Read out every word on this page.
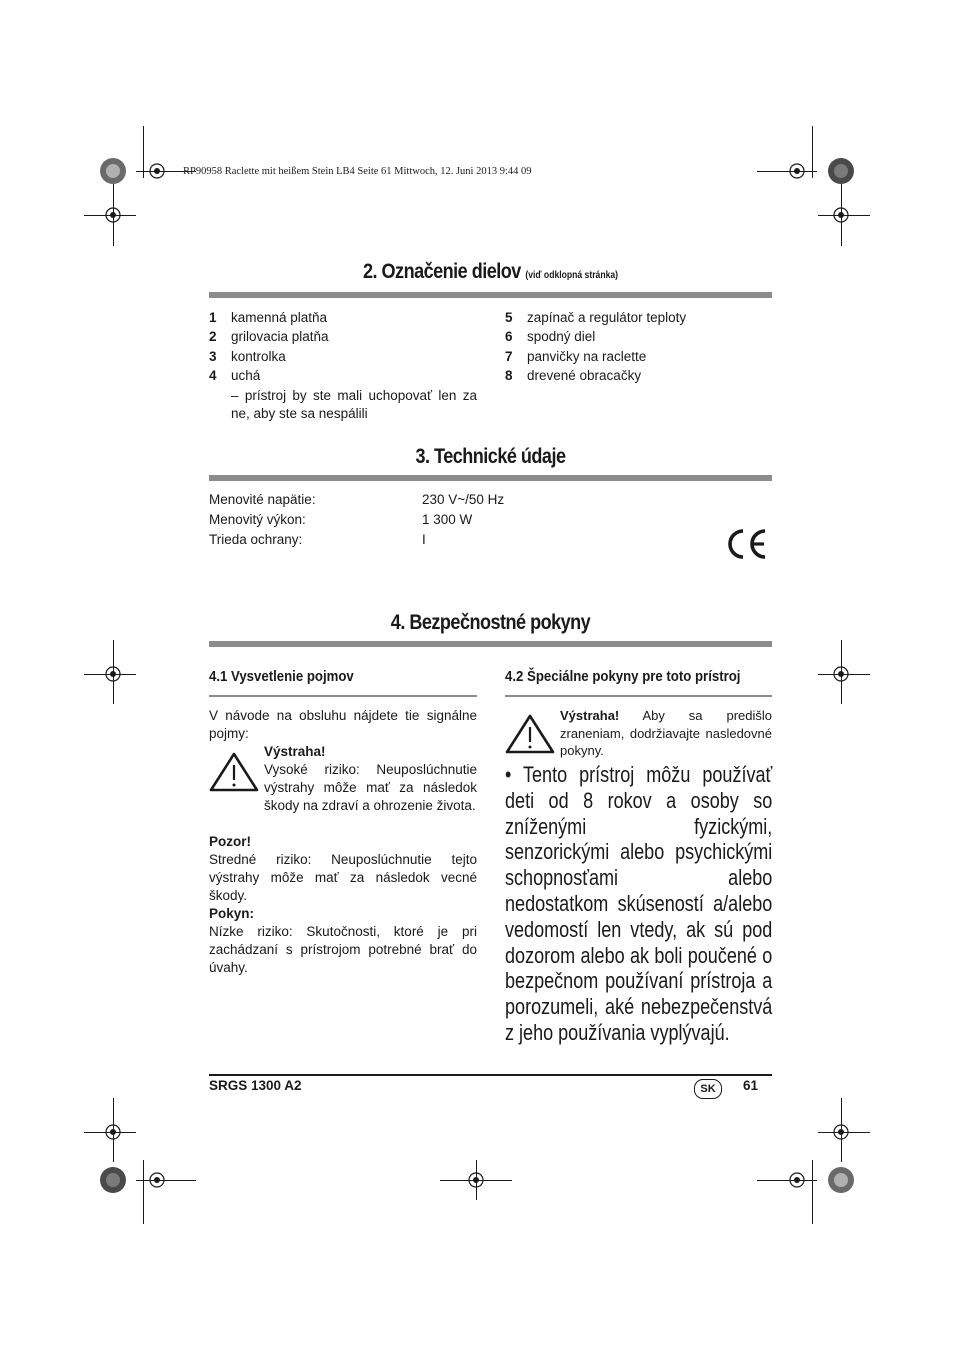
RP90958 Raclette mit heißem Stein LB4 Seite 61 Mittwoch, 12. Juni 2013 9:44 09
2. Označenie dielov (viď odklopná stránka)
1 kamenná platňa
2 grilovacia platňa
3 kontrolka
4 uchá
– prístroj by ste mali uchopovať len za ne, aby ste sa nespálili
5 zapínač a regulátor teploty
6 spodný diel
7 panvičky na raclette
8 drevené obracačky
3. Technické údaje
Menovité napätie:	230 V~/50 Hz
Menovitý výkon:	1 300 W
Trieda ochrany:	I
4. Bezpečnostné pokyny
4.1 Vysvetlenie pojmov
V návode na obsluhu nájdete tie signálne pojmy:
Výstraha!
Vysoké riziko: Neuposlúchnutie výstrahy môže mať za následok škody na zdraví a ohrozenie života.
Pozor!
Stredné riziko: Neuposlúchnutie tejto výstrahy môže mať za následok vecné škody.
Pokyn:
Nízke riziko: Skutočnosti, ktoré je pri zachádzaní s prístrojom potrebné brať do úvahy.
4.2 Špeciálne pokyny pre toto prístroj
Výstraha! Aby sa predišlo zraneniam, dodržiavajte nasledovné pokyny.
• Tento prístroj môžu používať deti od 8 rokov a osoby so zníženými fyzickými, senzorickými alebo psychickými schopnosťami alebo nedostatkom skúseností a/alebo vedomostí len vtedy, ak sú pod dozorom alebo ak boli poučené o bezpečnom používaní prístroja a porozumeli, aké nebezpečenstvá z jeho používania vyplývajú.
SRGS 1300 A2	SK	61
